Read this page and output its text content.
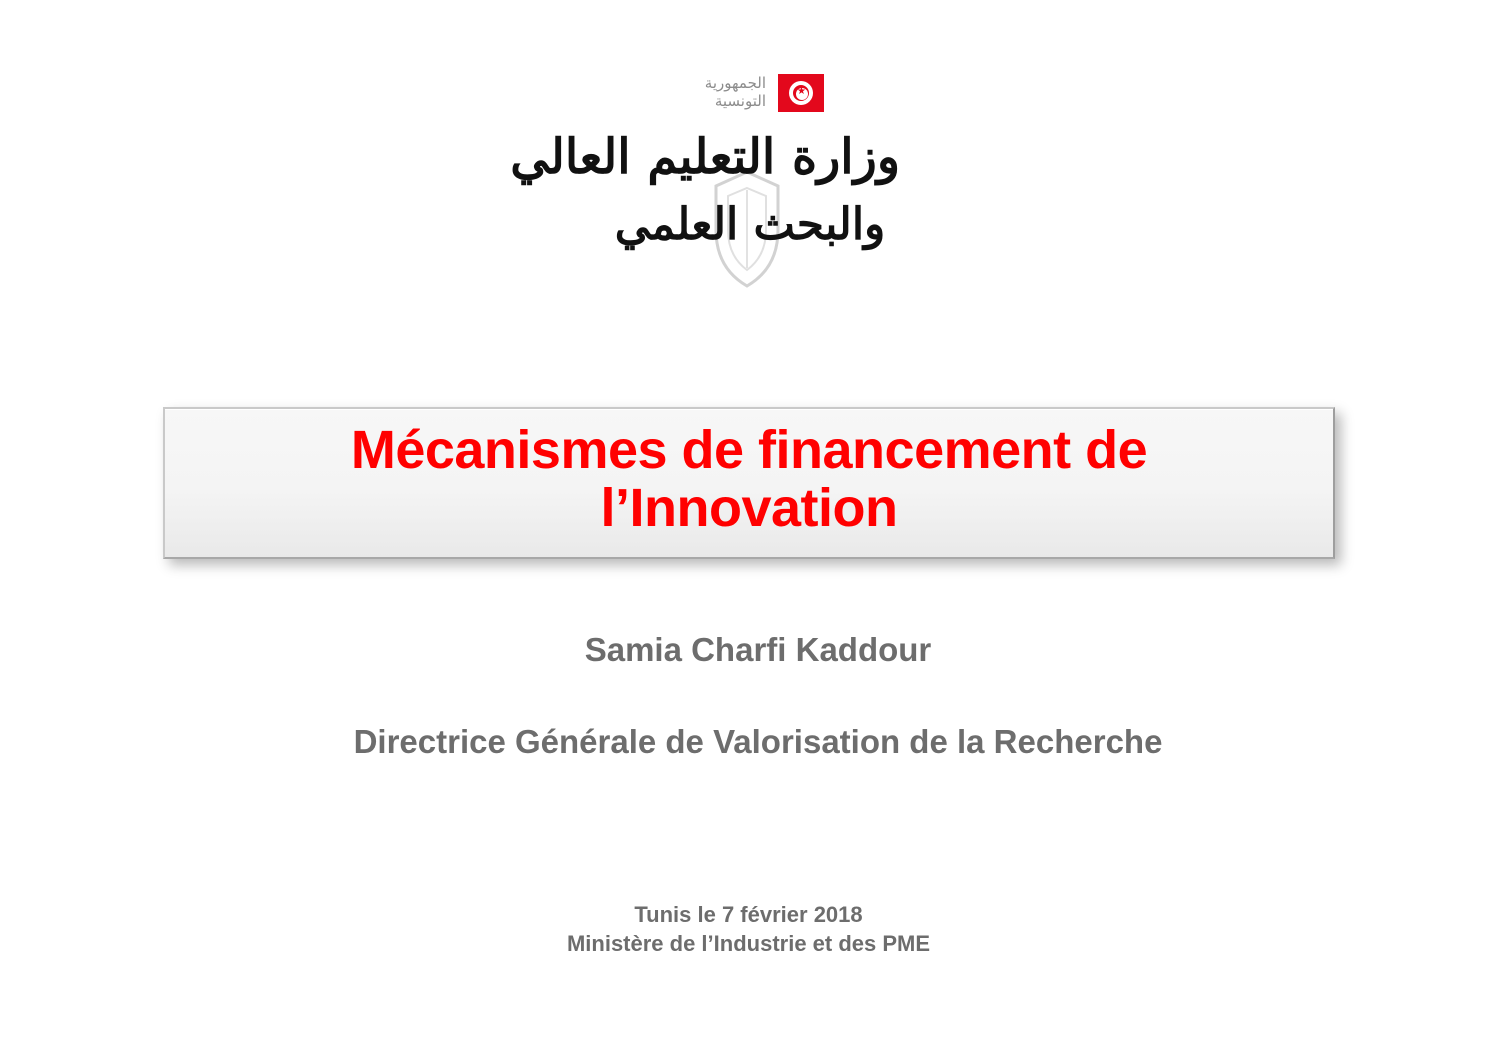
الجمهورية التونسية
★
وزارة التعليم العالي
والبحث العلمي
Mécanismes de financement de
l’Innovation

Samia Charfi Kaddour

Directrice Générale de Valorisation de la Recherche

Tunis le 7 février 2018
Ministère de l’Industrie et des PME
